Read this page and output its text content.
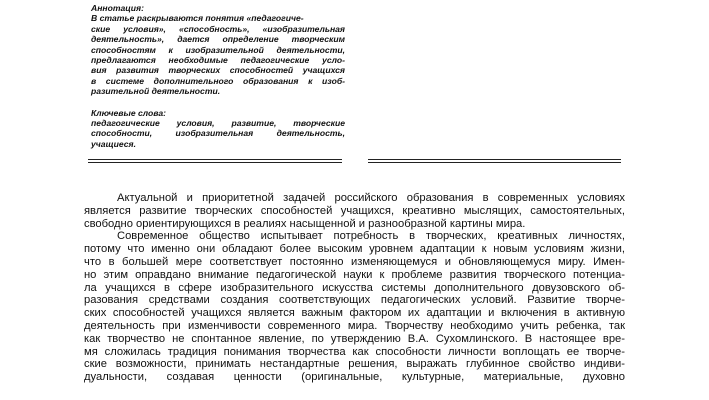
Аннотация:
В статье раскрываются понятия «педагогиче-
ские условия», «способность», «изобразительная
деятельность», дается определение творческим
способностям к изобразительной деятельности,
предлагаются необходимые педагогические усло-
вия развития творческих способностей учащихся
в системе дополнительного образования к изоб-
разительной деятельности.
Ключевые слова:
педагогические условия, развитие, творческие
способности, изобразительная деятельность,
учащиеся.
Актуальной и приоритетной задачей российского образования в современных условиях
является развитие творческих способностей учащихся, креативно мыслящих, самостоятельных,
свободно ориентирующихся в реалиях насыщенной и разнообразной картины мира.
Современное общество испытывает потребность в творческих, креативных личностях,
потому что именно они обладают более высоким уровнем адаптации к новым условиям жизни,
что в большей мере соответствует постоянно изменяющемуся и обновляющемуся миру. Имен-
но этим оправдано внимание педагогической науки к проблеме развития творческого потенциа-
ла учащихся в сфере изобразительного искусства системы дополнительного довузовского об-
разования средствами создания соответствующих педагогических условий. Развитие творче-
ских способностей учащихся является важным фактором их адаптации и включения в активную
деятельность при изменчивости современного мира. Творчеству необходимо учить ребенка, так
как творчество не спонтанное явление, по утверждению В.А. Сухомлинского. В настоящее вре-
мя сложилась традиция понимания творчества как способности личности воплощать ее творче-
ские возможности, принимать нестандартные решения, выражать глубинное свойство индиви-
дуальности, создавая ценности (оригинальные, культурные, материальные, духовно
